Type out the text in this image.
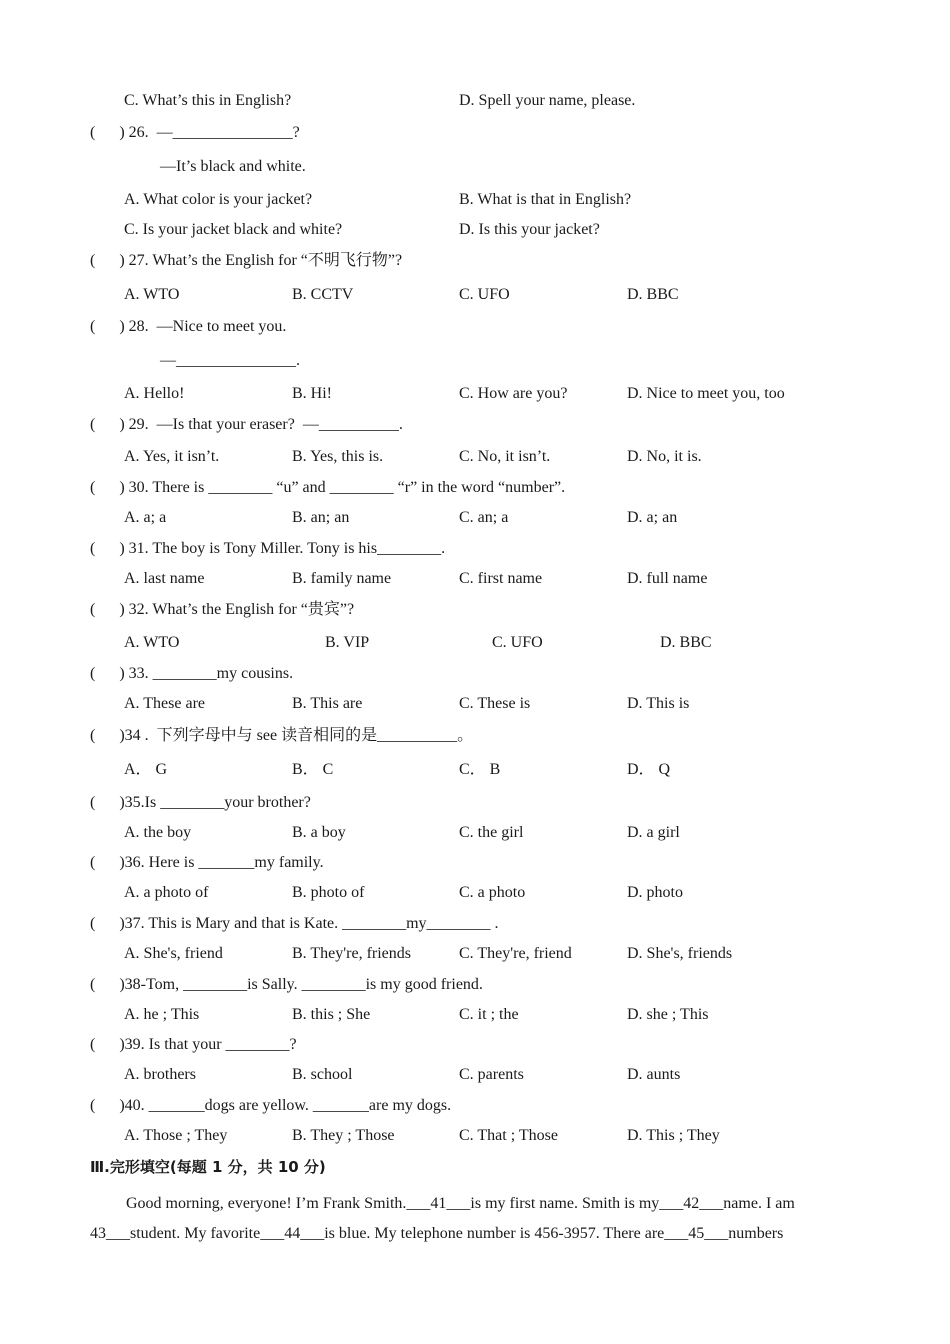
C. What’s this in English?	D. Spell your name, please.
(      ) 26.  —_______________?
—It’s black and white.
A. What color is your jacket?	B. What is that in English?
C. Is your jacket black and white?	D. Is this your jacket?
(      ) 27. What’s the English for “不明飞行物”?
A. WTO	B. CCTV	C. UFO	D. BBC
(      ) 28.  —Nice to meet you.
—_______________.
A. Hello!	B. Hi!	C. How are you?	D. Nice to meet you, too
(      ) 29.  —Is that your eraser?  —__________.
A. Yes, it isn’t.	B. Yes, this is.	C. No, it isn’t.	D. No, it is.
(      ) 30. There is ________ “u” and ________ “r” in the word “number”.
A. a; a	B. an; an	C. an; a	D. a; an
(      ) 31. The boy is Tony Miller. Tony is his________.
A. last name	B. family name	C. first name	D. full name
(      ) 32. What’s the English for “贵宾”?
A. WTO	B. VIP	C. UFO	D. BBC
(      ) 33. ________my cousins.
A. These are	B. This are	C. These is	D. This is
(      )34 .  下列字母中与 see 读音相同的是__________。
A． G	B． C	C． B	D． Q
(      )35.Is ________your brother?
A. the boy	B. a boy	C. the girl	D. a girl
(      )36. Here is _______my family.
A. a photo of	B. photo of	C. a photo	D. photo
(      )37. This is Mary and that is Kate. ________my________ .
A. She's, friend	B. They're, friends	C. They're, friend	D. She's, friends
(      )38-Tom, ________is Sally. ________is my good friend.
A. he ; This	B. this ; She	C. it ; the	D. she ; This
(      )39. Is that your ________?
A. brothers	B. school	C. parents	D. aunts
(      )40. _______dogs are yellow. _______are my dogs.
A. Those ; They	B. They ; Those	C. That ; Those	D. This ; They
Ⅲ.完形填空(每题 1 分，共 10 分)
Good morning, everyone! I’m Frank Smith.___41___is my first name. Smith is my___42___name. I am
43___student. My favorite___44___is blue. My telephone number is 456-3957. There are___45___numbers
